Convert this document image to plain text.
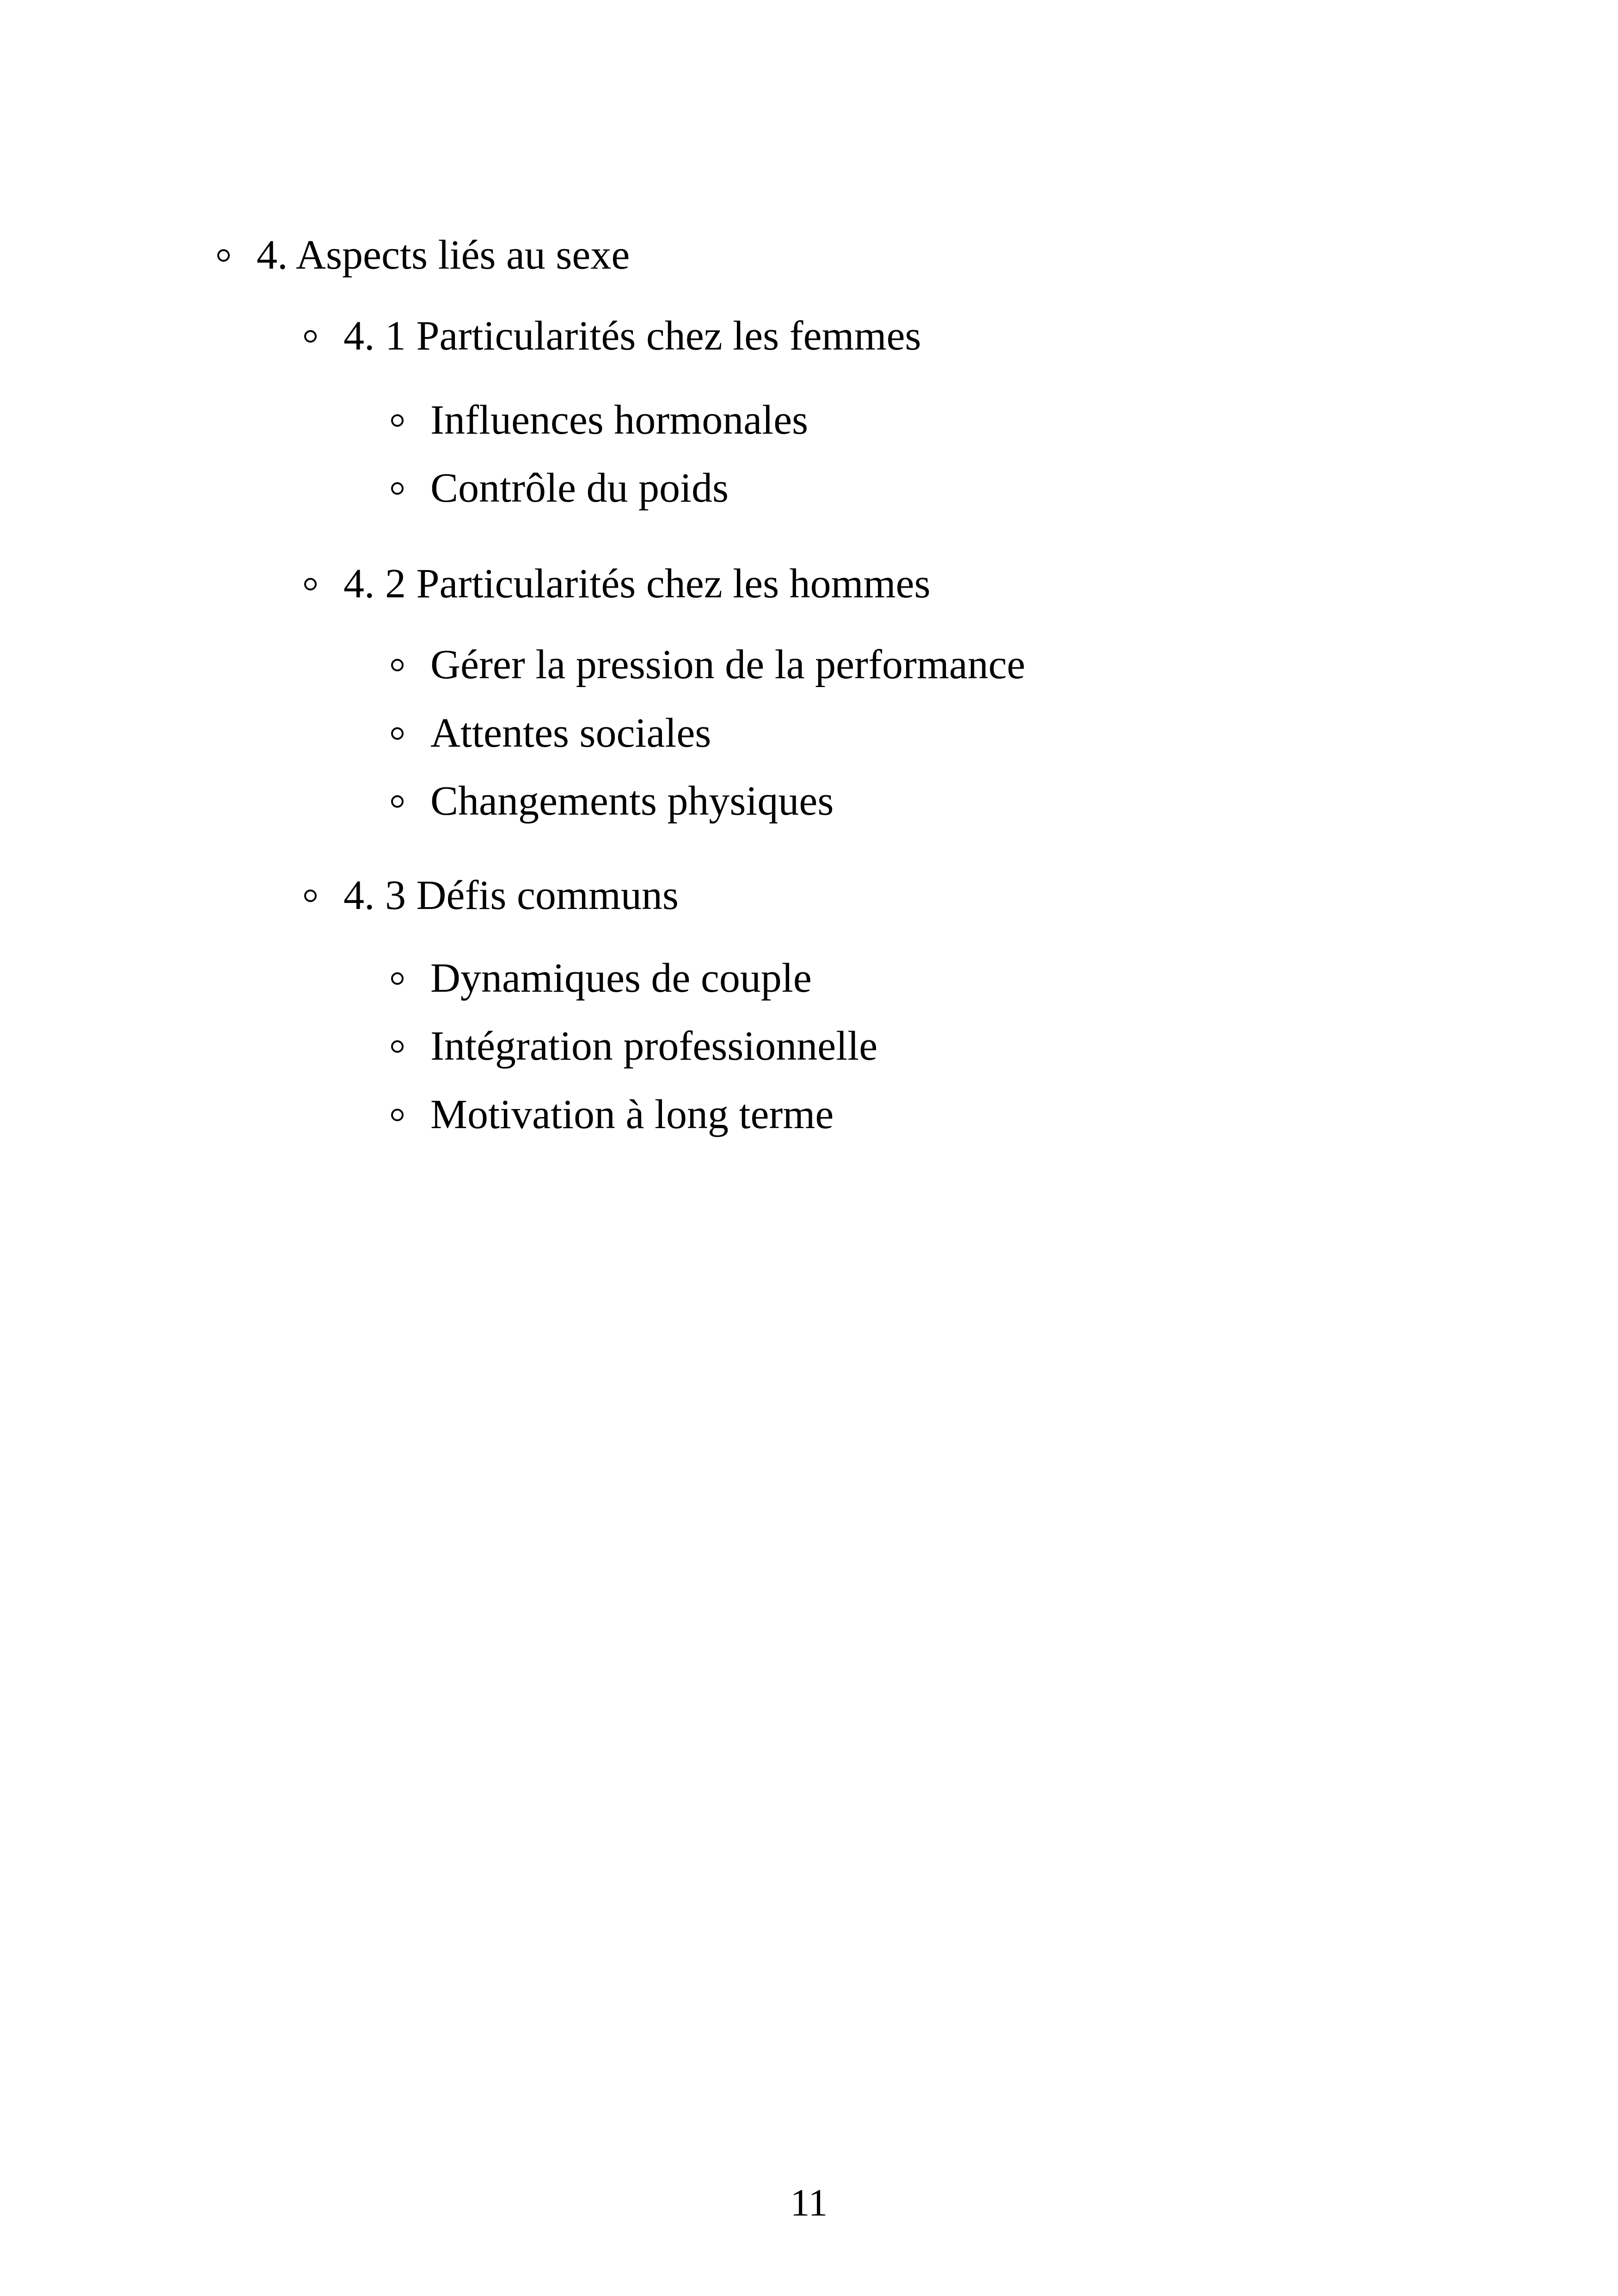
4. Aspects liés au sexe
4. 1 Particularités chez les femmes
Influences hormonales
Contrôle du poids
4. 2 Particularités chez les hommes
Gérer la pression de la performance
Attentes sociales
Changements physiques
4. 3 Défis communs
Dynamiques de couple
Intégration professionnelle
Motivation à long terme
11
